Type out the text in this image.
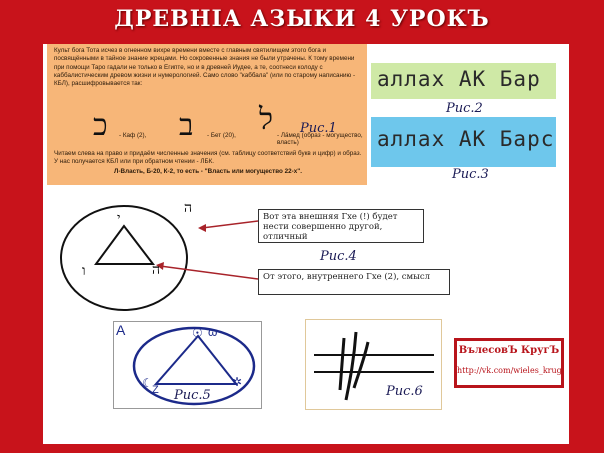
ДРЕВНIА АЗЫКИ 4 УРОКЪ

Культ бога Тота исчез в огненном вихре времени вместе с главным святилищем этого бога и посвящёнными в тайное знание жрецами. Но сокровенные знания не были утрачены. К тому времени при помощи Таро гадали не только в Египте, но и в древней Иудее, а те, соотнеси колоду с каббалистическим древом жизни и нумерологией. Само слово "каббала" (или по старому написанию - КБЛ), расшифровывается так:

כ - Каф (2), ב - Бет (20), ל - Ла́мед (образ - могущество, власть)
Читаем слева на право и придаём численные значения (см. таблицу соответствий букв и цифр) и образ. У нас получается КБЛ или при обратном чтении - ЛБК.
Л-Власть, Б-20, К-2, то есть - "Власть или могущество 22-х".
Рис.1
аллах АК Бар
Рис.2
аллах АК Барс
Рис.3
י
ה
ו	ה
Вот эта внешняя Гхе (!) будет нести совершенно другой, отличный
Рис.4
От этого, внутреннего Гхе (2), смысл
A	☉ ω
☾ Z
✲
Рис.5	Рис.6
ВълесовЪ КругЪ
http://vk.com/wieles_krug
